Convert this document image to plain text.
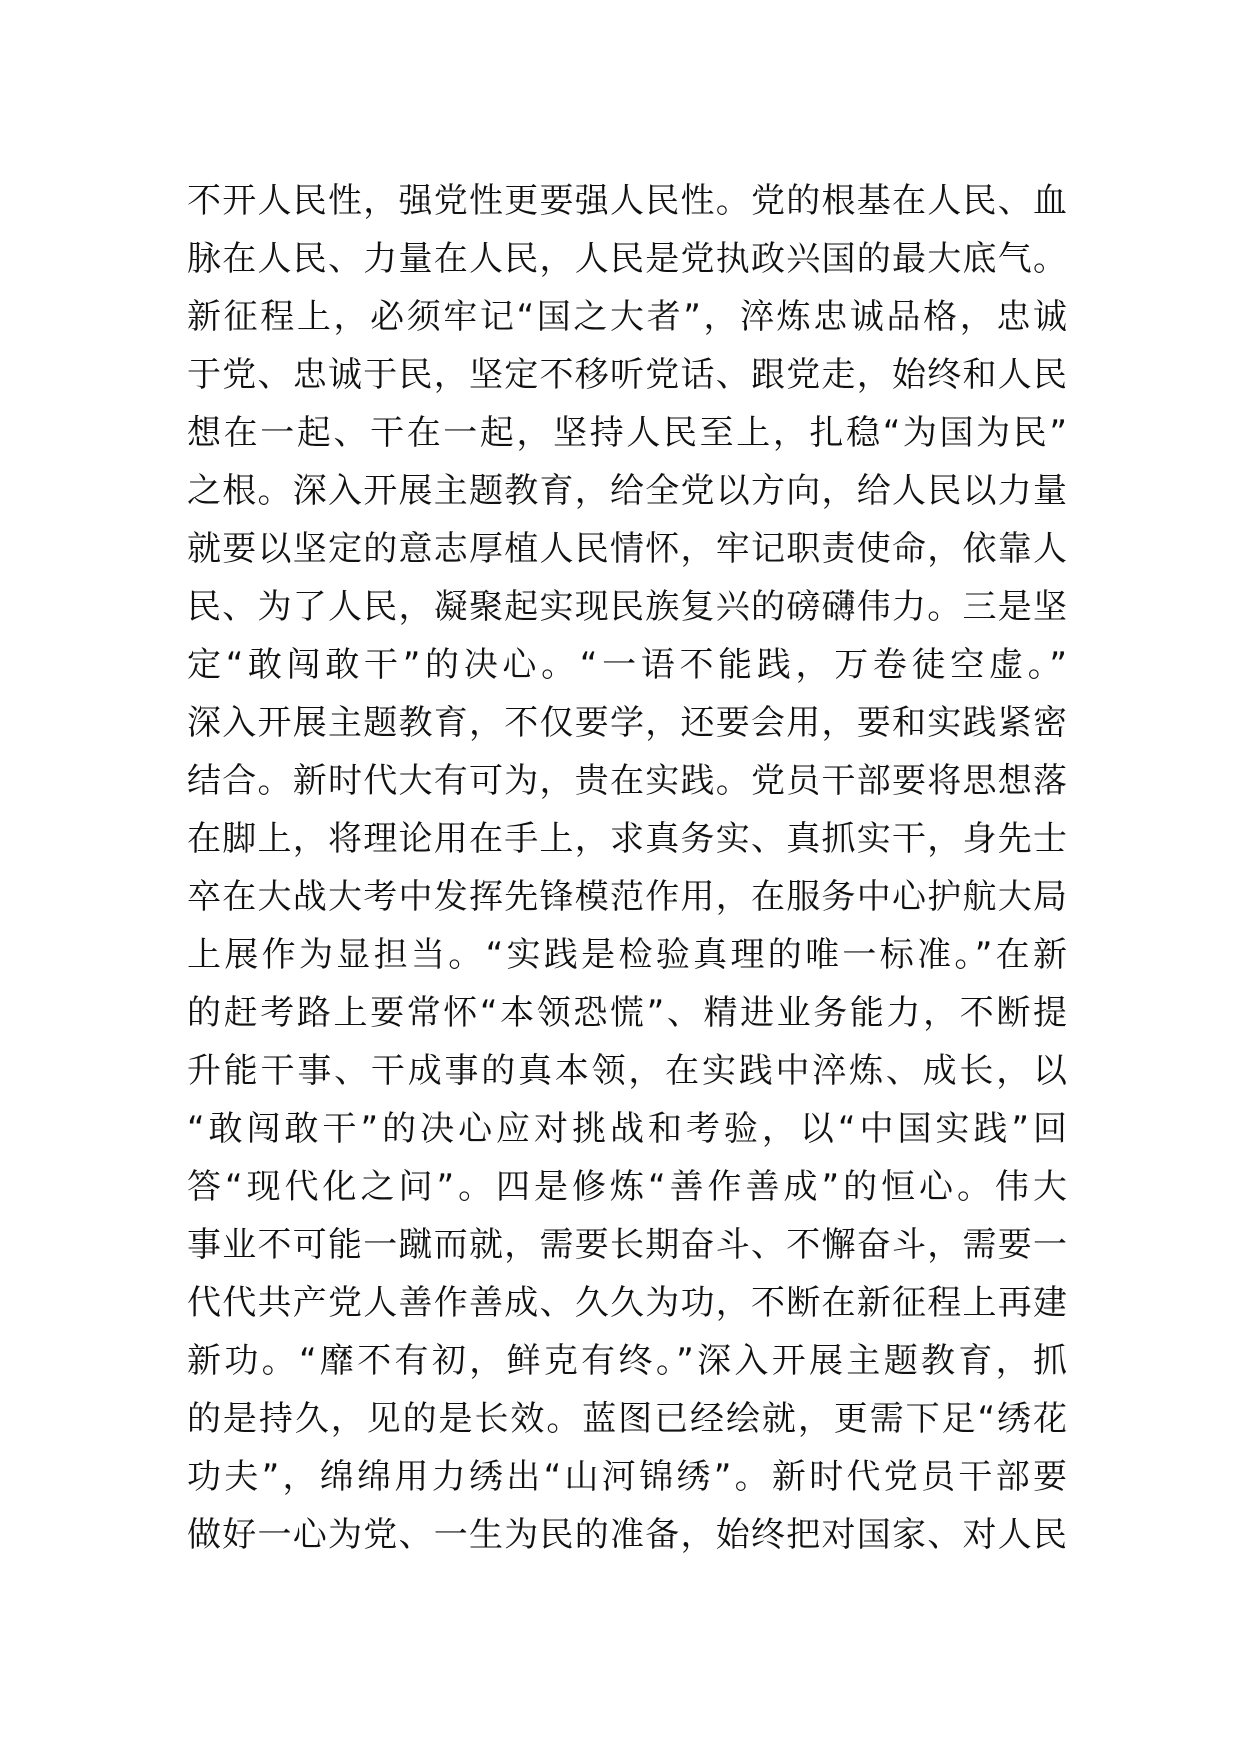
不开人民性，强党性更要强人民性。党的根基在人民、血
脉在人民、力量在人民，人民是党执政兴国的最大底气。
新征程上，必须牢记“国之大者”，淬炼忠诚品格，忠诚
于党、忠诚于民，坚定不移听党话、跟党走，始终和人民
想在一起、干在一起，坚持人民至上，扎稳“为国为民”
之根。深入开展主题教育，给全党以方向，给人民以力量
就要以坚定的意志厚植人民情怀，牢记职责使命，依靠人
民、为了人民，凝聚起实现民族复兴的磅礴伟力。三是坚
定“敢闯敢干”的决心。“一语不能践，万卷徒空虚。”
深入开展主题教育，不仅要学，还要会用，要和实践紧密
结合。新时代大有可为，贵在实践。党员干部要将思想落
在脚上，将理论用在手上，求真务实、真抓实干，身先士
卒在大战大考中发挥先锋模范作用，在服务中心护航大局
上展作为显担当。“实践是检验真理的唯一标准。”在新
的赶考路上要常怀“本领恐慌”、精进业务能力，不断提
升能干事、干成事的真本领，在实践中淬炼、成长，以
“敢闯敢干”的决心应对挑战和考验，以“中国实践”回
答“现代化之问”。四是修炼“善作善成”的恒心。伟大
事业不可能一蹴而就，需要长期奋斗、不懈奋斗，需要一
代代共产党人善作善成、久久为功，不断在新征程上再建
新功。“靡不有初，鲜克有终。”深入开展主题教育，抓
的是持久，见的是长效。蓝图已经绘就，更需下足“绣花
功夫”，绵绵用力绣出“山河锦绣”。新时代党员干部要
做好一心为党、一生为民的准备，始终把对国家、对人民
